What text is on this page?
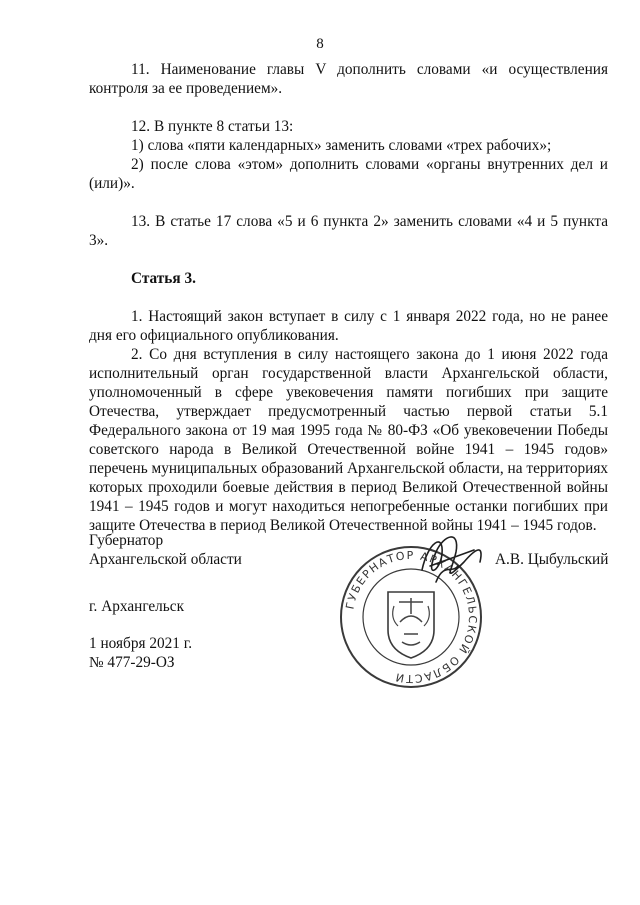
8

11. Наименование главы V дополнить словами «и осуществления контроля за ее проведением».

12. В пункте 8 статьи 13:

1) слова «пяти календарных» заменить словами «трех рабочих»;

2) после слова «этом» дополнить словами «органы внутренних дел и (или)».

13. В статье 17 слова «5 и 6 пункта 2» заменить словами «4 и 5 пункта 3».

Статья 3.

1. Настоящий закон вступает в силу с 1 января 2022 года, но не ранее дня его официального опубликования.

2. Со дня вступления в силу настоящего закона до 1 июня 2022 года исполнительный орган государственной власти Архангельской области, уполномоченный в сфере увековечения памяти погибших при защите Отечества, утверждает предусмотренный частью первой статьи 5.1 Федерального закона от 19 мая 1995 года № 80-ФЗ «Об увековечении Победы советского народа в Великой Отечественной войне 1941 – 1945 годов» перечень муниципальных образований Архангельской области, на территориях которых проходили боевые действия в период Великой Отечественной войны 1941 – 1945 годов и могут находиться непогребенные останки погибших при защите Отечества в период Великой Отечественной войны 1941 – 1945 годов.

Губернатор
Архангельской области
ГУБЕРНАТОР АРХАНГЕЛЬСКОЙ ОБЛАСТИ
А.В. Цыбульский
г. Архангельск
1 ноября 2021 г.
№ 477-29-ОЗ
